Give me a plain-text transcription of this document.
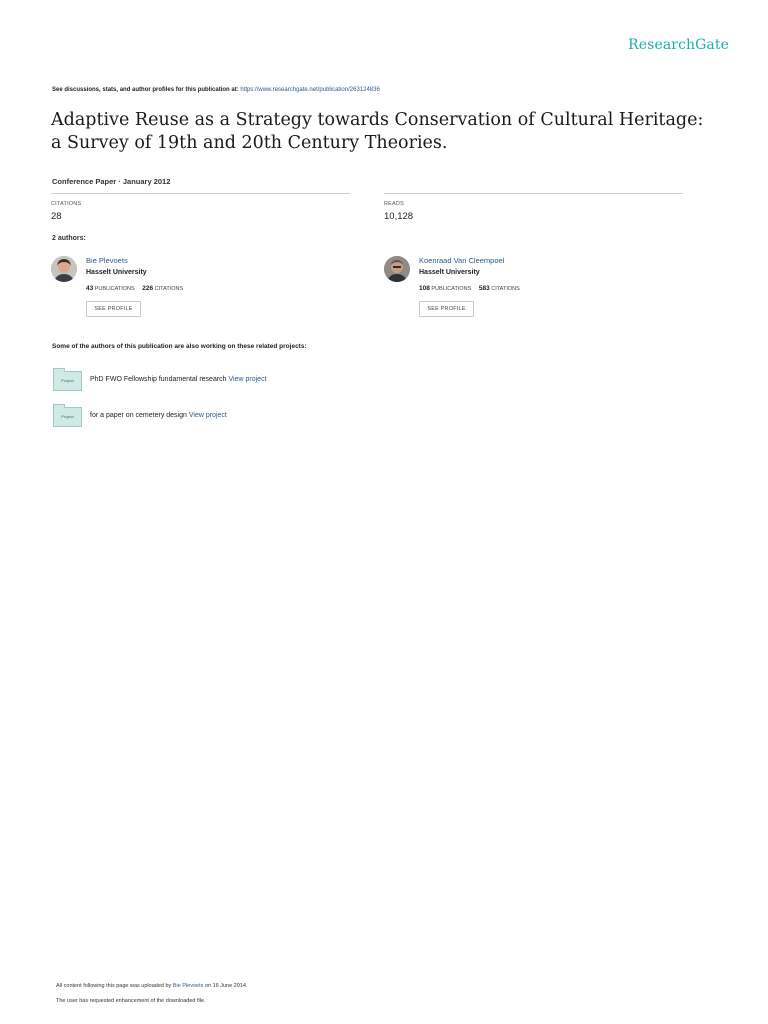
ResearchGate
See discussions, stats, and author profiles for this publication at: https://www.researchgate.net/publication/263124836
Adaptive Reuse as a Strategy towards Conservation of Cultural Heritage: a Survey of 19th and 20th Century Theories.
Conference Paper · January 2012
CITATIONS
28
READS
10,128
2 authors:
Bie Plevoets
Hasselt University
43 PUBLICATIONS 226 CITATIONS
SEE PROFILE
Koenraad Van Cleempoel
Hasselt University
108 PUBLICATIONS 583 CITATIONS
SEE PROFILE
Some of the authors of this publication are also working on these related projects:
Project	PhD FWO Fellowship fundamental research View project
Project	for a paper on cemetery design View project
All content following this page was uploaded by Bie Plevoets on 16 June 2014.
The user has requested enhancement of the downloaded file.
